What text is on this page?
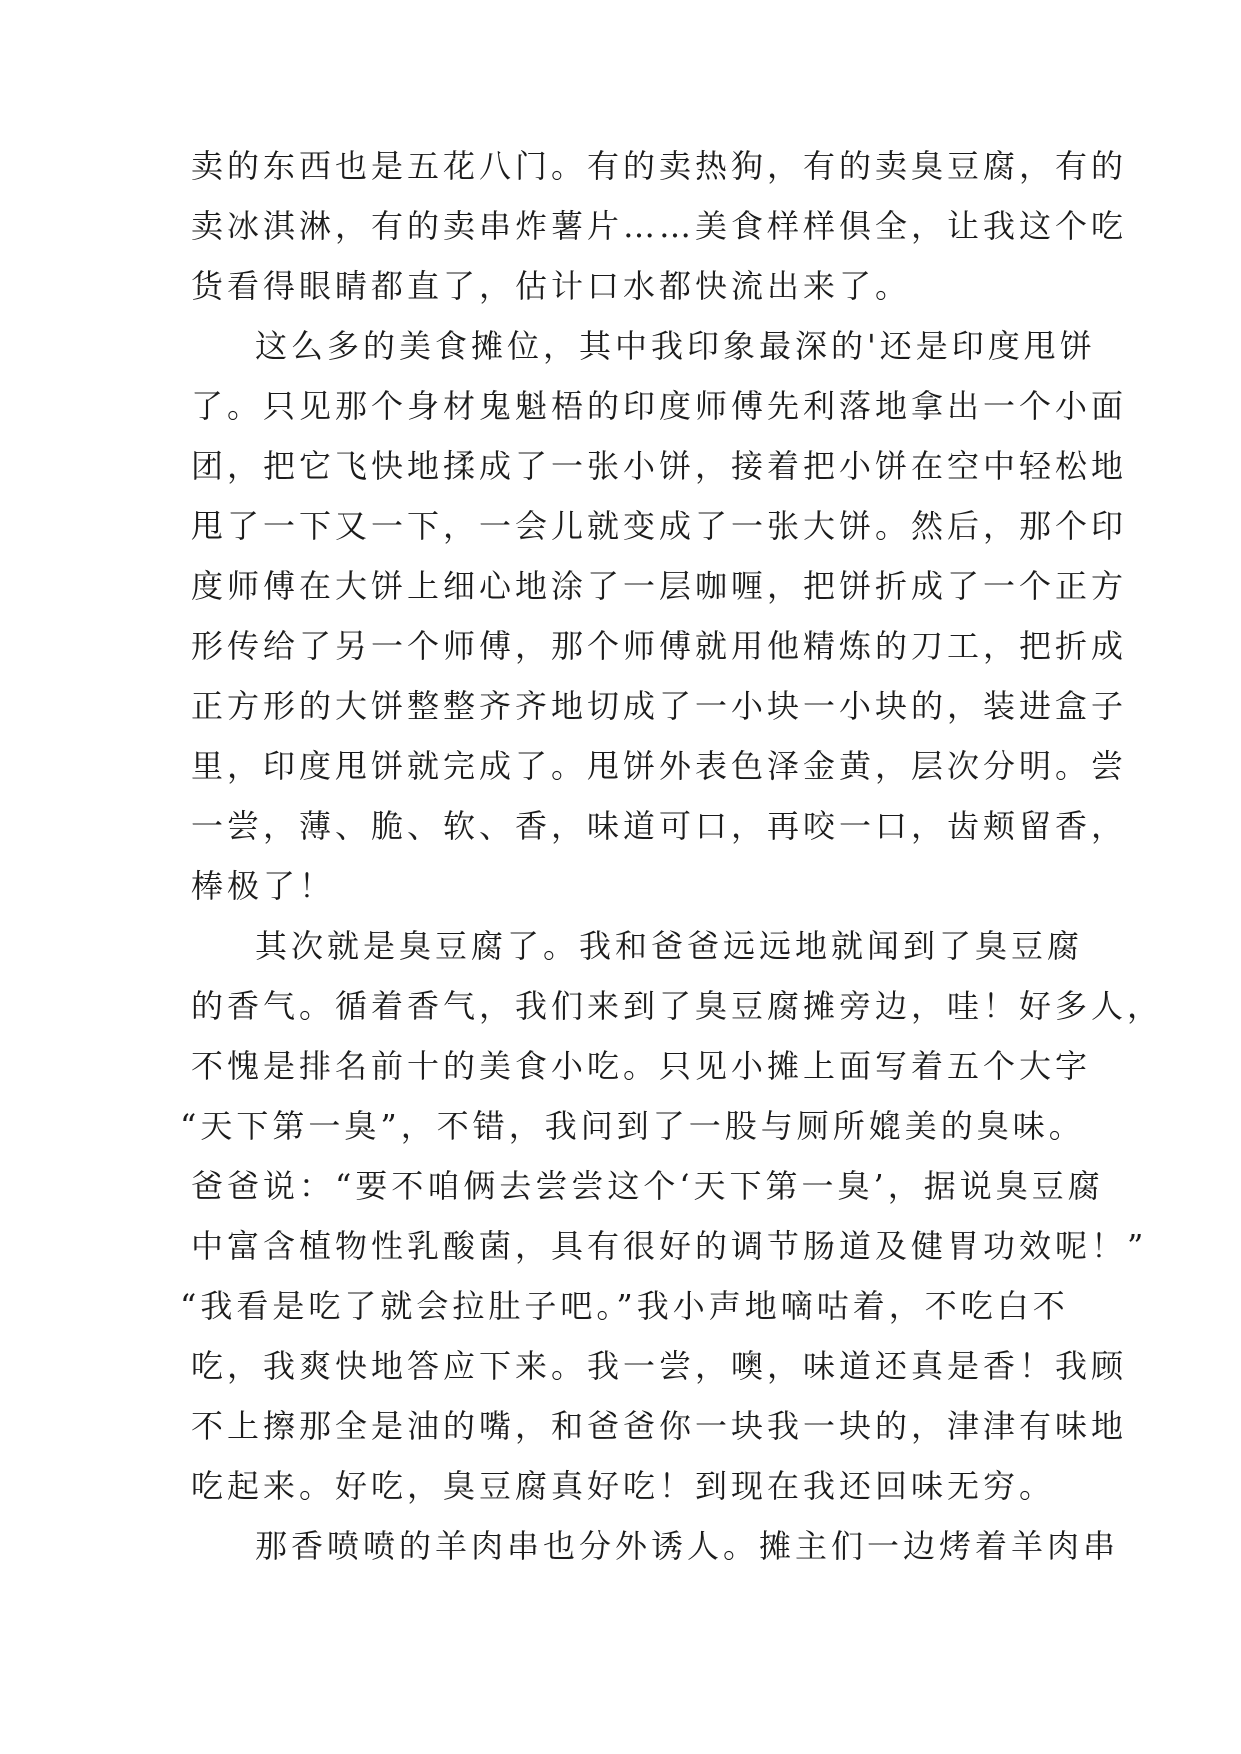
卖的东西也是五花八门。有的卖热狗，有的卖臭豆腐，有的
卖冰淇淋，有的卖串炸薯片……美食样样俱全，让我这个吃
货看得眼睛都直了，估计口水都快流出来了。
这么多的美食摊位，其中我印象最深的'还是印度甩饼
了。只见那个身材鬼魁梧的印度师傅先利落地拿出一个小面
团，把它飞快地揉成了一张小饼，接着把小饼在空中轻松地
甩了一下又一下，一会儿就变成了一张大饼。然后，那个印
度师傅在大饼上细心地涂了一层咖喱，把饼折成了一个正方
形传给了另一个师傅，那个师傅就用他精炼的刀工，把折成
正方形的大饼整整齐齐地切成了一小块一小块的，装进盒子
里，印度甩饼就完成了。甩饼外表色泽金黄，层次分明。尝
一尝，薄、脆、软、香，味道可口，再咬一口，齿颊留香，
棒极了！
其次就是臭豆腐了。我和爸爸远远地就闻到了臭豆腐
的香气。循着香气，我们来到了臭豆腐摊旁边，哇！好多人，
不愧是排名前十的美食小吃。只见小摊上面写着五个大字
“天下第一臭”，不错，我问到了一股与厕所媲美的臭味。
爸爸说：“要不咱俩去尝尝这个‘天下第一臭’，据说臭豆腐
中富含植物性乳酸菌，具有很好的调节肠道及健胃功效呢！”
“我看是吃了就会拉肚子吧。”我小声地嘀咕着，不吃白不
吃，我爽快地答应下来。我一尝，噢，味道还真是香！我顾
不上擦那全是油的嘴，和爸爸你一块我一块的，津津有味地
吃起来。好吃，臭豆腐真好吃！到现在我还回味无穷。
那香喷喷的羊肉串也分外诱人。摊主们一边烤着羊肉串
